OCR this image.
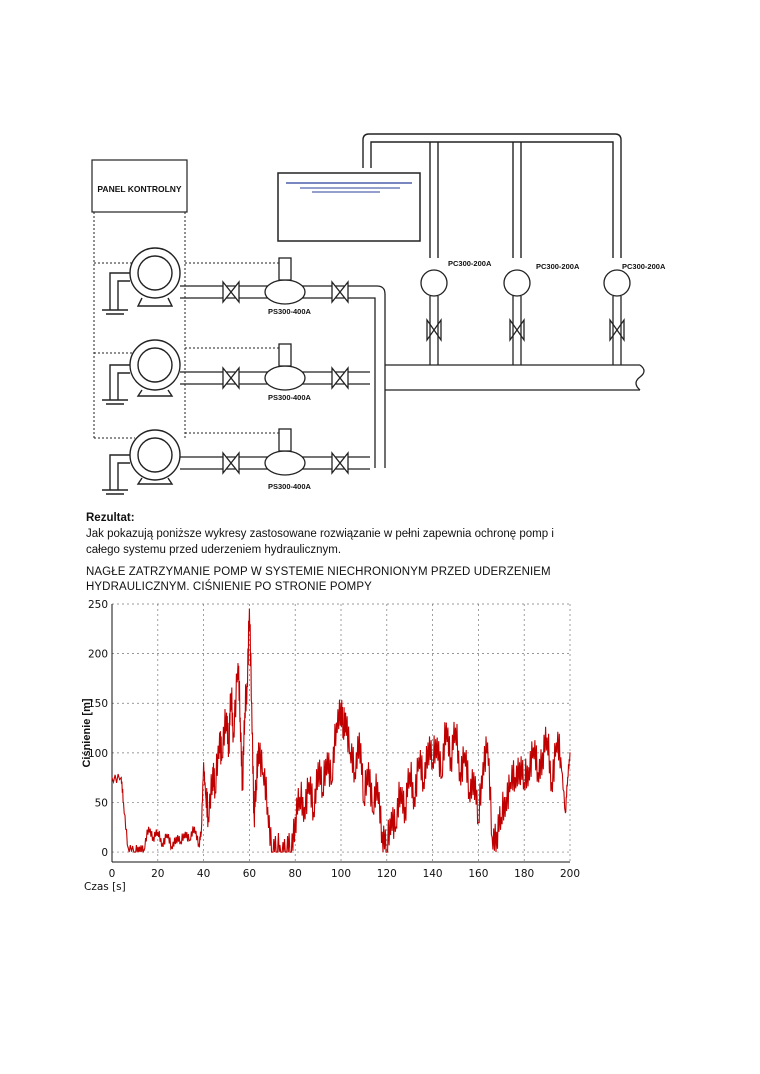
PANEL KONTROLNY
PS300-400A
PS300-400A
PS300-400A
PC300-200A	PC300-200A	PC300-200A
Rezultat:
Jak pokazują poniższe wykresy zastosowane rozwiązanie w pełni zapewnia ochronę pomp i
całego systemu przed uderzeniem hydraulicznym.
NAGŁE ZATRZYMANIE POMP W SYSTEMIE NIECHRONIONYM PRZED UDERZENIEM
HYDRAULICZNYM. CIŚNIENIE PO STRONIE POMPY
0
50
100
150
200
250
0	20	40	60	80	100 120 140 160 180 200
Ciśnienie [m]
Czas [s]
